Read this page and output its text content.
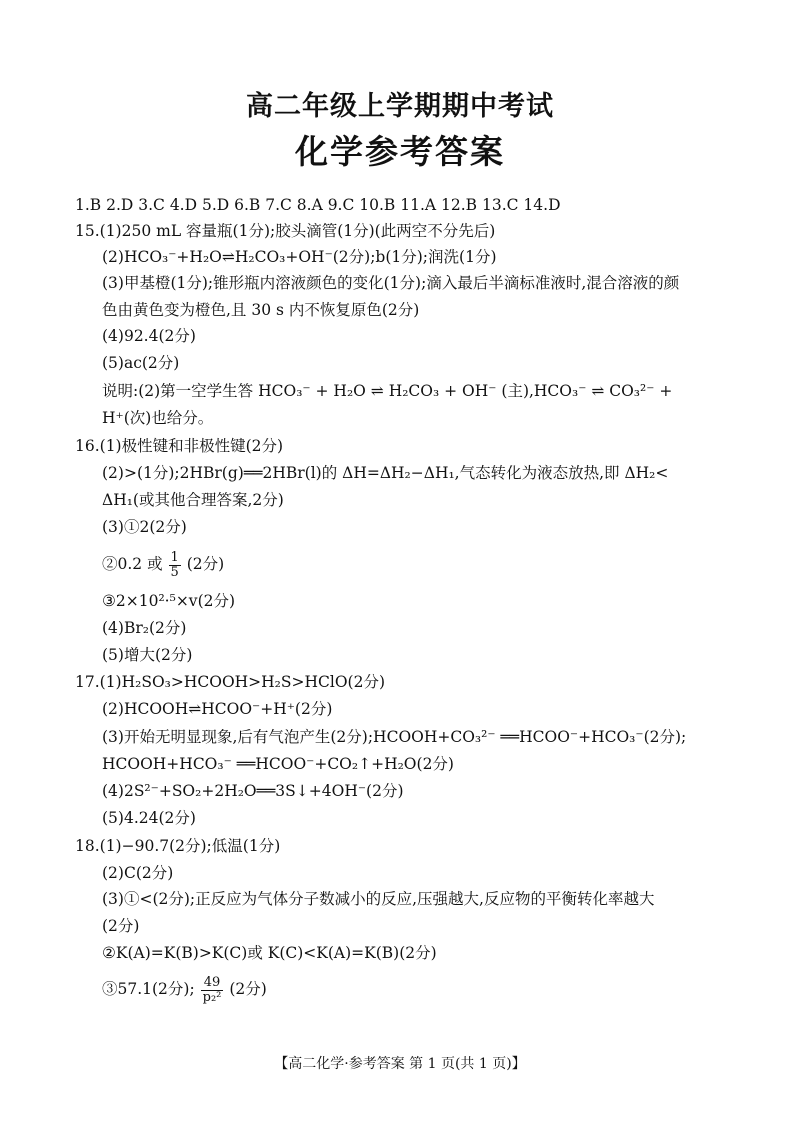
高二年级上学期期中考试
化学参考答案
1.B 2.D 3.C 4.D 5.D 6.B 7.C 8.A 9.C 10.B 11.A 12.B 13.C 14.D
15.(1)250 mL 容量瓶(1分);胶头滴管(1分)(此两空不分先后)
(2)HCO₃⁻+H₂O⇌H₂CO₃+OH⁻(2分);b(1分);润洗(1分)
(3)甲基橙(1分);锥形瓶内溶液颜色的变化(1分);滴入最后半滴标准液时,混合溶液的颜
色由黄色变为橙色,且 30 s 内不恢复原色(2分)
(4)92.4(2分)
(5)ac(2分)
说明:(2)第一空学生答 HCO₃⁻ + H₂O ⇌ H₂CO₃ + OH⁻ (主),HCO₃⁻ ⇌ CO₃²⁻ +
H⁺(次)也给分。
16.(1)极性键和非极性键(2分)
(2)>(1分);2HBr(g)══2HBr(l)的 ΔH=ΔH₂−ΔH₁,气态转化为液态放热,即 ΔH₂<
ΔH₁(或其他合理答案,2分)
(3)①2(2分)
②0.2 或 $\frac{1}{5} (2$分)
③2×10²·⁵×v(2分)
(4)Br₂(2分)
(5)增大(2分)
17.(1)H₂SO₃>HCOOH>H₂S>HClO(2分)
(2)HCOOH⇌HCOO⁻+H⁺(2分)
(3)开始无明显现象,后有气泡产生(2分);HCOOH+CO₃²⁻ ══HCOO⁻+HCO₃⁻(2分);
HCOOH+HCO₃⁻ ══HCOO⁻+CO₂↑+H₂O(2分)
(4)2S²⁻+SO₂+2H₂O══3S↓+4OH⁻(2分)
(5)4.24(2分)
18.(1)−90.7(2分);低温(1分)
(2)C(2分)
(3)①<(2分);正反应为气体分子数减小的反应,压强越大,反应物的平衡转化率越大
(2分)
②K(A)=K(B)>K(C)或 K(C)<K(A)=K(B)(2分)
③57.1(2分); $\frac{49}{\text{p₂²}} (2$分)
【高二化学·参考答案 第 1 页(共 1 页)】
